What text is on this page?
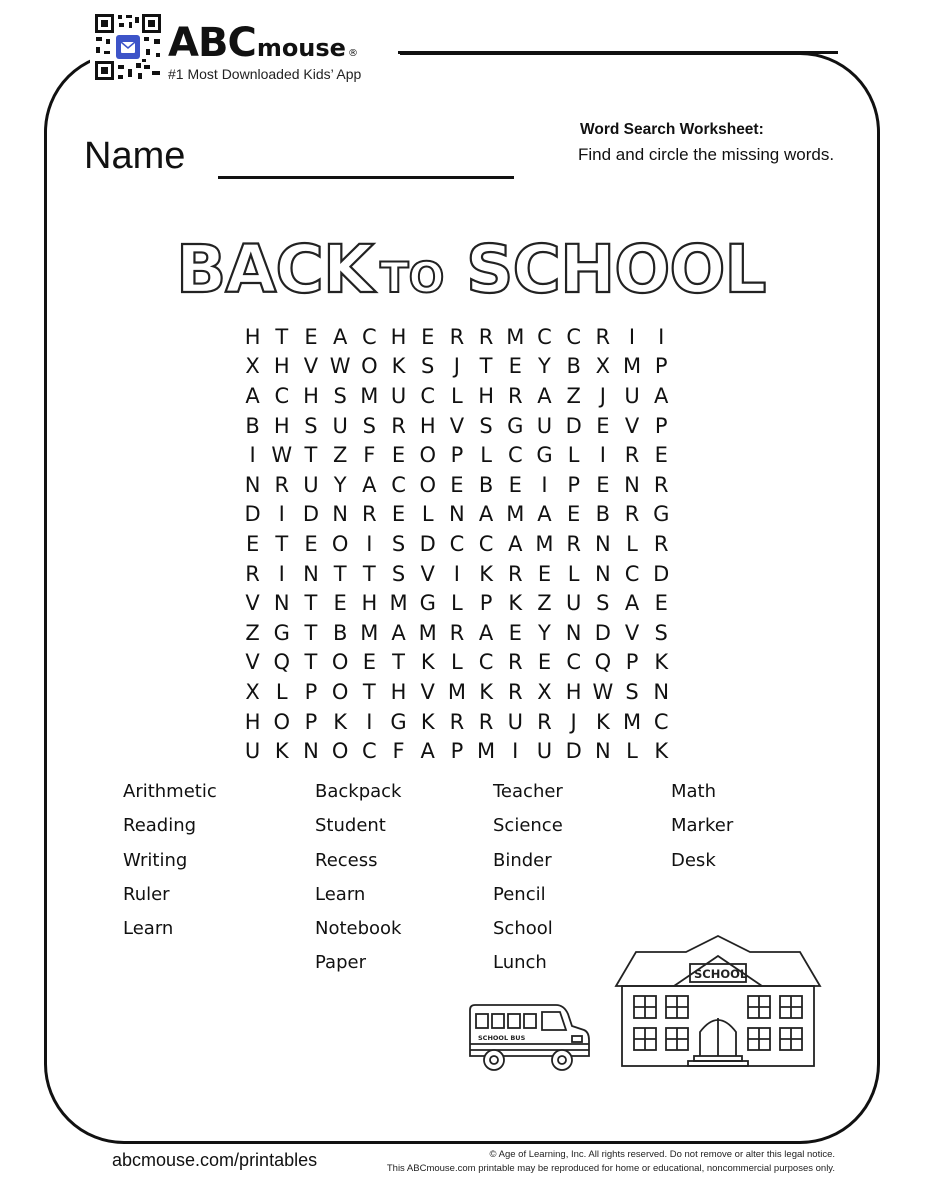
ABC mouse ®
#1 Most Downloaded Kids’ App
Name
Word Search Worksheet:
Find and circle the missing words.
BACK TO SCHOOL
H T E A C H E R R M C C R I	I
X H V W O K S J T E Y B X M P
A C H S M U C L H R A Z J U A
B H S U S R H V S G U D E V P
I W T Z F E O P L C G L I R E
N R U Y A C O E B E I P E N R
D I D N R E L N A M A E B R G
E T E O I S D C C A M R N L R
R I N T T S V I K R E L N C D
V N T E H M G L P K Z U S A E
Z G T B M A M R A E Y N D V S
V Q T O E T K L C R E C Q P K
X L P O T H V M K R X H W S N
H O P K I G K R R U R J K M C
U K N O C F A P M I U D N L K
Arithmetic
Reading
Writing
Ruler
Learn
Backpack
Student
Recess
Learn
Notebook
Paper
Teacher
Science
Binder
Pencil
School
Lunch
Math
Marker
Desk
SCHOOL BUS
SCHOOL
abcmouse.com/printables	© Age of Learning, Inc. All rights reserved. Do not remove or alter this legal notice.
This ABCmouse.com printable may be reproduced for home or educational, noncommercial purposes only.
